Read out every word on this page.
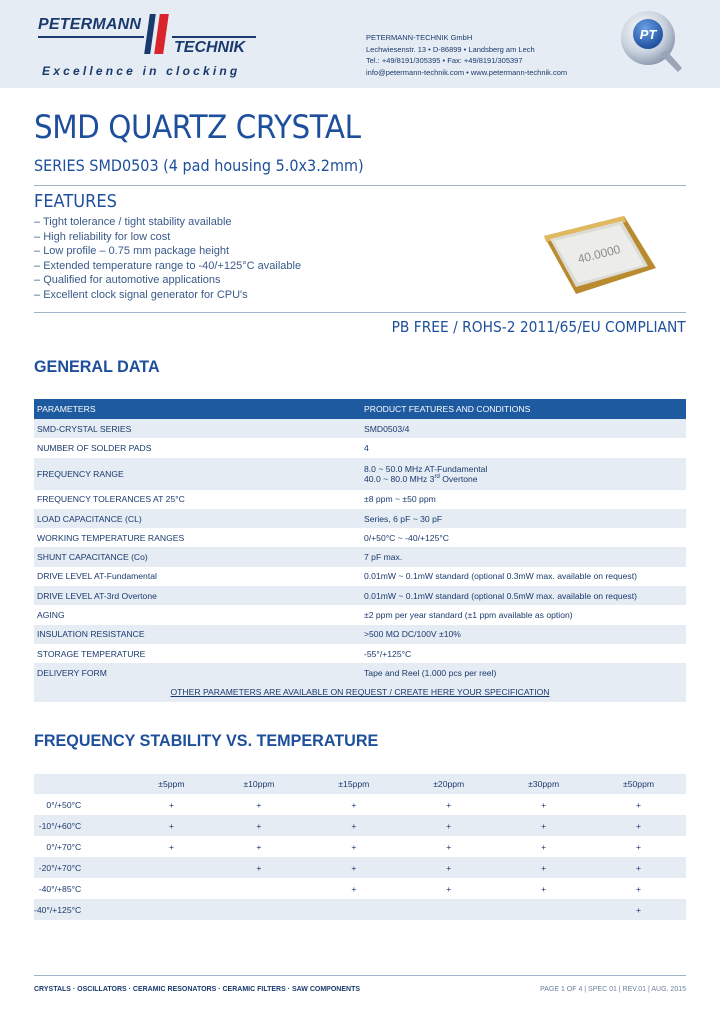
PETERMANN
TECHNIK
Excellence in clocking
PETERMANN-TECHNIK GmbH
Lechwiesenstr. 13 • D-86899 • Landsberg am Lech
Tel.: +49/8191/305395 • Fax: +49/8191/305397
info@petermann-technik.com • www.petermann-technik.com
PT
SMD QUARTZ CRYSTAL
SERIES SMD0503 (4 pad housing 5.0x3.2mm)
FEATURES
– Tight tolerance / tight stability available
– High reliability for low cost
– Low profile – 0.75 mm package height
– Extended temperature range to -40/+125°C available
– Qualified for automotive applications
– Excellent clock signal generator for CPU's
40.0000
PB FREE / ROHS-2 2011/65/EU COMPLIANT
GENERAL DATA
PARAMETERS	PRODUCT FEATURES AND CONDITIONS
SMD-CRYSTAL SERIES	SMD0503/4
NUMBER OF SOLDER PADS	4
FREQUENCY RANGE	8.0 ~ 50.0 MHz AT-Fundamental
40.0 ~ 80.0 MHz 3rd Overtone

FREQUENCY TOLERANCES AT 25°C	±8 ppm ~ ±50 ppm
LOAD CAPACITANCE (CL)	Series, 6 pF ~ 30 pF
WORKING TEMPERATURE RANGES	0/+50°C ~ -40/+125°C
SHUNT CAPACITANCE (Co)	7 pF max.
DRIVE LEVEL AT-Fundamental	0.01mW ~ 0.1mW standard (optional 0.3mW max. available on request)
DRIVE LEVEL AT-3rd Overtone	0.01mW ~ 0.1mW standard (optional 0.5mW max. available on request)
AGING	±2 ppm per year standard (±1 ppm available as option)
INSULATION RESISTANCE	>500 MΩ DC/100V ±10%
STORAGE TEMPERATURE	-55°/+125°C
DELIVERY FORM	Tape and Reel (1.000 pcs per reel)
OTHER PARAMETERS ARE AVAILABLE ON REQUEST / CREATE HERE YOUR SPECIFICATION	
FREQUENCY STABILITY VS. TEMPERATURE
	±5ppm	±10ppm	±15ppm	±20ppm	±30ppm	±50ppm
0°/+50°C	+	+	+	+	+	+
-10°/+60°C	+	+	+	+	+	+
0°/+70°C	+	+	+	+	+	+
-20°/+70°C		+	+	+	+	+
-40°/+85°C			+	+	+	+
-40°/+125°C						+
CRYSTALS · OSCILLATORS · CERAMIC RESONATORS · CERAMIC FILTERS · SAW COMPONENTS	PAGE 1 OF 4 | SPEC 01 | REV.01 | AUG. 2015
